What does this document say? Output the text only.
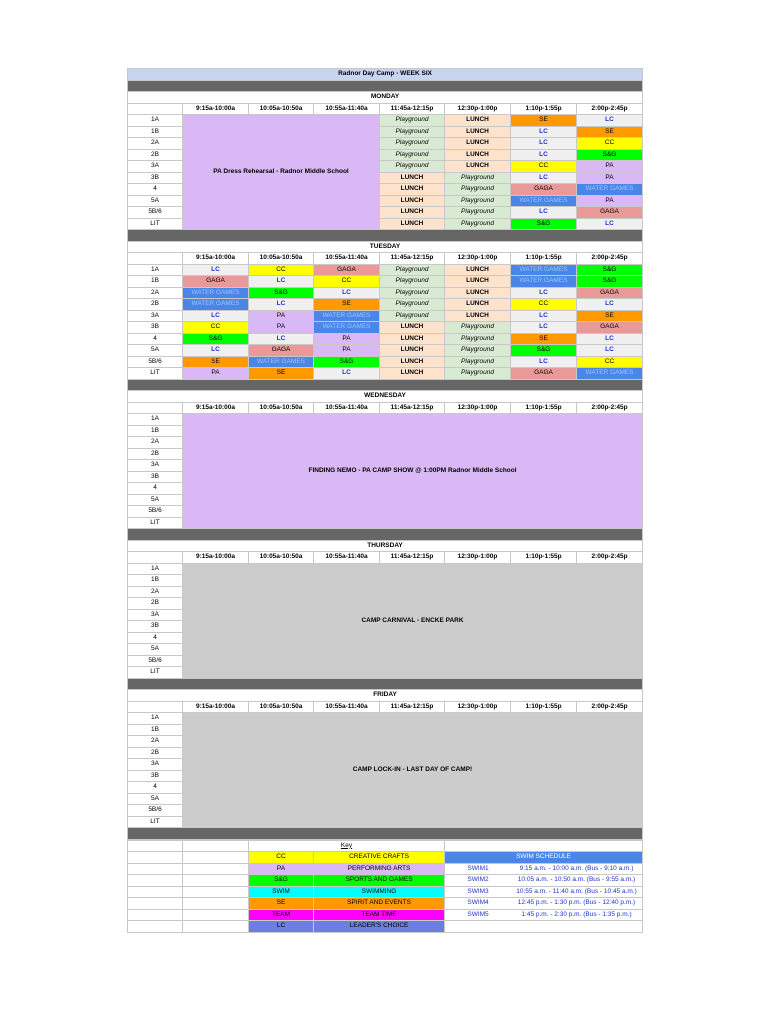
Radnor Day Camp - WEEK SIX							

MONDAY							
	9:15a-10:00a	10:05a-10:50a	10:55a-11:40a	11:45a-12:15p	12:30p-1:00p	1:10p-1:55p	2:00p-2:45p
1A	PA Dress Rehearsal - Radnor Middle School			Playground	LUNCH	SE	LC
1B				Playground	LUNCH	LC	SE
2A				Playground	LUNCH	LC	CC
2B				Playground	LUNCH	LC	S&G
3A				Playground	LUNCH	CC	PA
3B				LUNCH	Playground	LC	PA
4				LUNCH	Playground	GAGA	WATER GAMES
5A				LUNCH	Playground	WATER GAMES	PA
5B/6				LUNCH	Playground	LC	GAGA
LIT				LUNCH	Playground	S&G	LC

TUESDAY							
	9:15a-10:00a	10:05a-10:50a	10:55a-11:40a	11:45a-12:15p	12:30p-1:00p	1:10p-1:55p	2:00p-2:45p
1A	LC	CC	GAGA	Playground	LUNCH	WATER GAMES	S&G
1B	GAGA	LC	CC	Playground	LUNCH	WATER GAMES	S&G
2A	WATER GAMES	S&G	LC	Playground	LUNCH	LC	GAGA
2B	WATER GAMES	LC	SE	Playground	LUNCH	CC	LC
3A	LC	PA	WATER GAMES	Playground	LUNCH	LC	SE
3B	CC	PA	WATER GAMES	LUNCH	Playground	LC	GAGA
4	S&G	LC	PA	LUNCH	Playground	SE	LC
5A	LC	GAGA	PA	LUNCH	Playground	S&G	LC
5B/6	SE	WATER GAMES	S&G	LUNCH	Playground	LC	CC
LIT	PA	SE	LC	LUNCH	Playground	GAGA	WATER GAMES

WEDNESDAY							
	9:15a-10:00a	10:05a-10:50a	10:55a-11:40a	11:45a-12:15p	12:30p-1:00p	1:10p-1:55p	2:00p-2:45p
1A	FINDING NEMO - PA CAMP SHOW @ 1:00PM Radnor Middle School						
1B							
2A							
2B							
3A							
3B							
4							
5A							
5B/6							
LIT							

THURSDAY							
	9:15a-10:00a	10:05a-10:50a	10:55a-11:40a	11:45a-12:15p	12:30p-1:00p	1:10p-1:55p	2:00p-2:45p
1A	CAMP CARNIVAL - ENCKE PARK						
1B							
2A							
2B							
3A							
3B							
4							
5A							
5B/6							
LIT							

FRIDAY							
	9:15a-10:00a	10:05a-10:50a	10:55a-11:40a	11:45a-12:15p	12:30p-1:00p	1:10p-1:55p	2:00p-2:45p
1A	CAMP LOCK-IN - LAST DAY OF CAMP!						
1B							
2A							
2B							
3A							
3B							
4							
5A							
5B/6							
LIT							

		Key		
		CC	CREATIVE CRAFTS	SWIM SCHEDULE
		PA	PERFORMING ARTS	SWIM1 9:15 a.m. - 10:00 a.m. (Bus - 9:10 a.m.)

		S&G	SPORTS AND GAMES	SWIM2 10:05 a.m. - 10:50 a.m. (Bus - 9:55 a.m.)

		SWIM	SWIMMING	SWIM3 10:55 a.m. - 11:40 a.m. (Bus - 10:45 a.m.)

		SE	SPIRIT AND EVENTS	SWIM4 12:45 p.m. - 1:30 p.m. (Bus - 12:40 p.m.)

		TEAM	TEAM TIME	SWIM5 1:45 p.m. - 2:30 p.m. (Bus - 1:35 p.m.)

		LC	LEADER'S CHOICE	
